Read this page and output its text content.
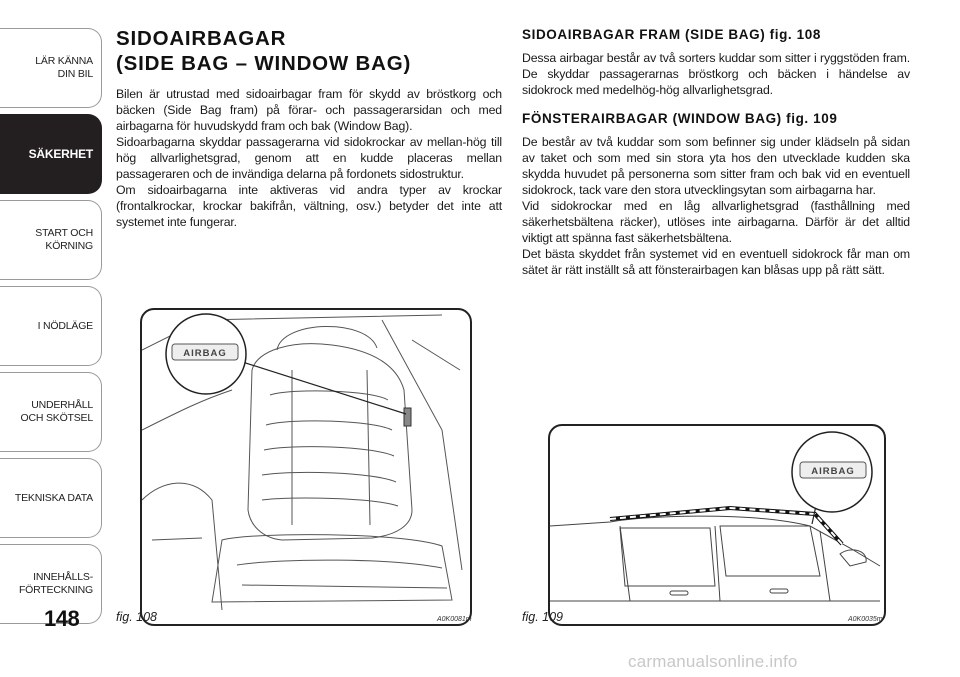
LÄR KÄNNA
DIN BIL
SÄKERHET
START OCH
KÖRNING
I NÖDLÄGE
UNDERHÅLL
OCH SKÖTSEL
TEKNISKA DATA
INNEHÅLLS-
FÖRTECKNING
148
SIDOAIRBAGAR
(SIDE BAG – WINDOW BAG)

Bilen är utrustad med sidoairbagar fram för skydd av bröstkorg och bäcken (Side Bag fram) på förar- och passagerarsidan och med airbagarna för huvudskydd fram och bak (Window Bag).

Sidoarbagarna skyddar passagerarna vid sidokrockar av mellan-hög till hög allvarlighetsgrad, genom att en kudde placeras mellan passageraren och de invändiga delarna på fordonets sidostruktur.

Om sidoairbagarna inte aktiveras vid andra typer av krockar (frontalkrockar, krockar bakifrån, vältning, osv.) betyder det inte att systemet inte fungerar.

SIDOAIRBAGAR FRAM (SIDE BAG) fig. 108

Dessa airbagar består av två sorters kuddar som sitter i ryggstöden fram. De skyddar passagerarnas bröstkorg och bäcken i händelse av sidokrock med medelhög-hög allvarlighetsgrad.

FÖNSTERAIRBAGAR (WINDOW BAG) fig. 109

De består av två kuddar som som befinner sig under klädseln på sidan av taket och som med sin stora yta hos den utvecklade kudden ska skydda huvudet på personerna som sitter fram och bak vid en eventuell sidokrock, tack vare den stora utvecklingsytan som airbagarna har.

Vid sidokrockar med en låg allvarlighetsgrad (fasthållning med säkerhetsbältena räcker), utlöses inte airbagarna. Därför är det alltid viktigt att spänna fast säkerhetsbältena.

Det bästa skyddet från systemet vid en eventuell sidokrock får man om sätet är rätt inställt så att fönsterairbagen kan blåsas upp på rätt sätt.

AIRBAG
fig. 108	A0K0081m
AIRBAG
fig. 109	A0K0035m
carmanualsonline.info
